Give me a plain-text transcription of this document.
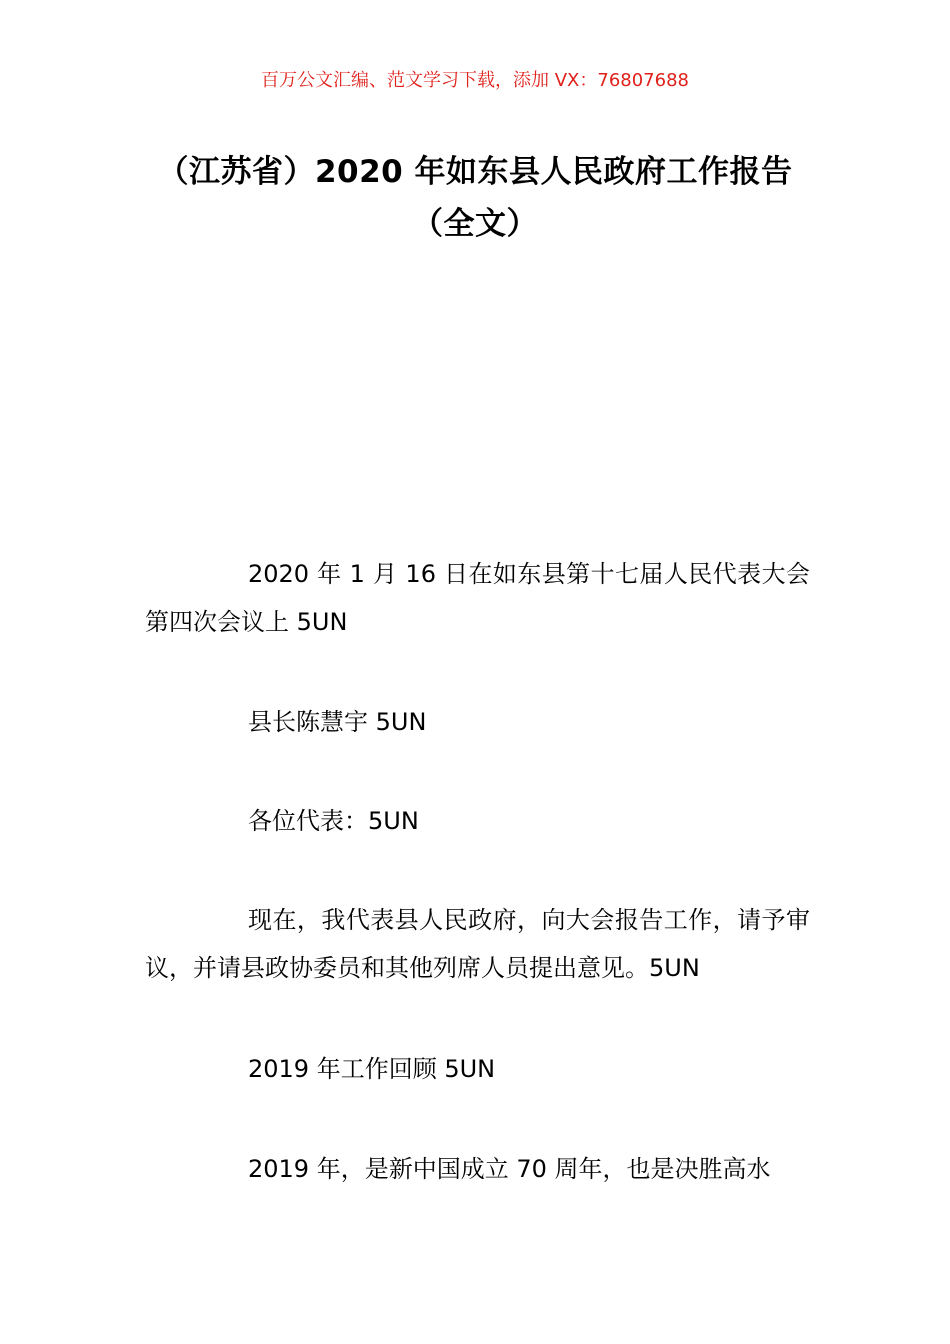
百万公文汇编、范文学习下载，添加 VX：76807688
（江苏省）2020 年如东县人民政府工作报告（全文）

2020 年 1 月 16 日在如东县第十七届人民代表大会第四次会议上 5UN

县长陈慧宇 5UN

各位代表：5UN

现在，我代表县人民政府，向大会报告工作，请予审议，并请县政协委员和其他列席人员提出意见。5UN

2019 年工作回顾 5UN

2019 年，是新中国成立 70 周年，也是决胜高水
